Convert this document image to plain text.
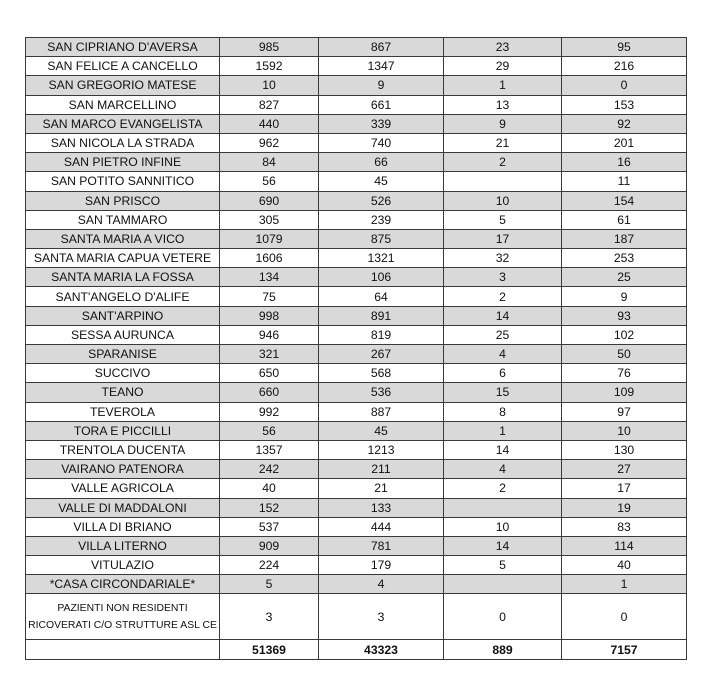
SAN CIPRIANO D'AVERSA	985	867	23	95
SAN FELICE A CANCELLO	1592	1347	29	216
SAN GREGORIO MATESE	10	9	1	0
SAN MARCELLINO	827	661	13	153
SAN MARCO EVANGELISTA	440	339	9	92
SAN NICOLA LA STRADA	962	740	21	201
SAN PIETRO INFINE	84	66	2	16
SAN POTITO SANNITICO	56	45		11
SAN PRISCO	690	526	10	154
SAN TAMMARO	305	239	5	61
SANTA MARIA A VICO	1079	875	17	187
SANTA MARIA CAPUA VETERE	1606	1321	32	253
SANTA MARIA LA FOSSA	134	106	3	25
SANT'ANGELO D'ALIFE	75	64	2	9
SANT'ARPINO	998	891	14	93
SESSA AURUNCA	946	819	25	102
SPARANISE	321	267	4	50
SUCCIVO	650	568	6	76
TEANO	660	536	15	109
TEVEROLA	992	887	8	97
TORA E PICCILLI	56	45	1	10
TRENTOLA DUCENTA	1357	1213	14	130
VAIRANO PATENORA	242	211	4	27
VALLE AGRICOLA	40	21	2	17
VALLE DI MADDALONI	152	133		19
VILLA DI BRIANO	537	444	10	83
VILLA LITERNO	909	781	14	114
VITULAZIO	224	179	5	40
*CASA CIRCONDARIALE*	5	4		1
PAZIENTI NON RESIDENTI RICOVERATI C/O STRUTTURE ASL CE	3	3	0	0
	51369	43323	889	7157
